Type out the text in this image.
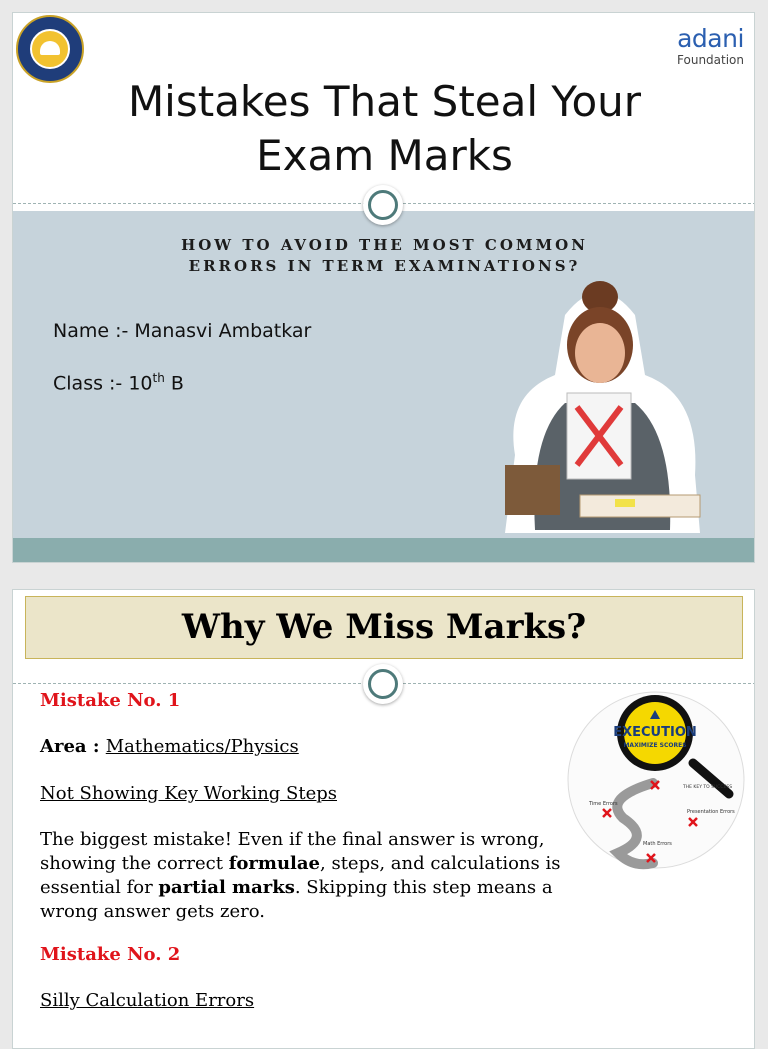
adani
Foundation
Mistakes That Steal Your
Exam Marks
HOW TO AVOID THE MOST COMMON
ERRORS IN TERM EXAMINATIONS?
Name :- Manasvi Ambatkar
Class :- 10th B
Why We Miss Marks?
Mistake No. 1
Area : Mathematics/Physics
Not Showing Key Working Steps
The biggest mistake! Even if the final answer is wrong, showing the correct formulae, steps, and calculations is essential for partial marks. Skipping this step means a wrong answer gets zero.
Mistake No. 2
Silly Calculation Errors
EXECUTION
MAXIMIZE SCORES
THE KEY TO SUCCESS
Time Errors
Presentation Errors
Math Errors
